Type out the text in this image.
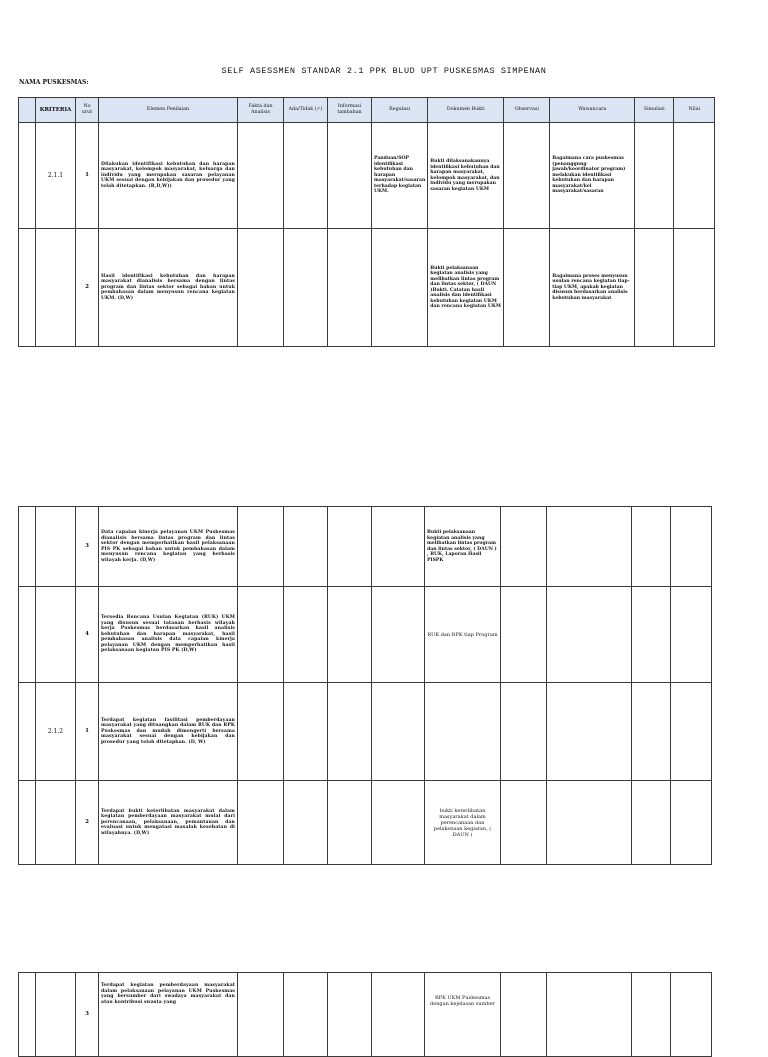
SELF ASESSMEN STANDAR 2.1 PPK BLUD UPT PUSKESMAS SIMPENAN
NAMA PUSKESMAS:
	KRITERIA	No urut	Elemen Penilaian	Fakta dan Analisis	Ada/Tidak (✓)	Informasi tambahan	Regulasi	Dokumen Bukti	Observasi	Wawancara	Simulasi	Nilai
	2.1.1	1	Dilakukan identifikasi kebutuhan dan harapan masyarakat, kelompok masyarakat, keluarga dan individu yang merupakan sasaran pelayanan UKM sesuai dengan kebijakan dan prosedur yang telah ditetapkan. (R,D,W))				Panduan/SOP identifikasi kebutuhan dan harapan masyarakat/sasaran terhadap kegiatan UKM.	Bukti dilaksanakannya identifikasi kebutuhan dan harapan masyarakat, kelompok masyarakat, dan individu yang merupakan sasaran kegiatan UKM		Bagaimana cara puskesmas (penanggung jawab/koordinator program) melakukan identifikasi kebutuhan dan harapan masyarakat/kel masyarakat/sasaran		
		2	Hasil identifikasi kebutuhan dan harapan masyarakat dianalisis bersama dengan lintas program dan lintas sektor sebagai bahan untuk pembahasan dalam menyusun rencana kegiatan UKM. (D,W)					Bukti pelaksanaan kegiatan analisis yang melibatkan lintas program dan lintas sektor, ( DAUN )Bukti. Catatan hasil analisis dan identifikasi kebutuhan kegiatan UKM dan rencana kegiatan UKM		Bagaimana proses menyusun usulan rencana kegiatan tiap-tiap UKM, apakah kegiatan disusun berdasarkan analisis kebutuhan masyarakat		
		3	Data capaian kinerja pelayanan UKM Puskesmas dianalisis bersama lintas program dan lintas sektor dengan memperhatikan hasil pelaksanaan PIS PK sebagai bahan untuk pembahasan dalam menyusun rencana kegiatan yang berbasis wilayah kerja. (D,W)					Bukti pelaksanaan kegiatan analisis yang melibatkan lintas program dan lintas sektor, ( DAUN ) , RUK, Laporan Hasil PISPK				
		4	Tersedia Rencana Usulan Kegiatan (RUK) UKM yang disusun sesuai tatanan berbasis wilayah kerja Puskesmas berdasarkan hasil analisis kebutuhan dan harapan masyarakat, hasil pembahasan analisis data capaian kinerja pelayanan UKM dengan memperhatikan hasil pelaksanaan kegiatan PIS PK (D,W)					RUK dan RPK tiap Program				
	2.1.2	1	Terdapat kegiatan fasilitasi pemberdayaan masyarakat yang dituangkan dalam RUK dan RPK Puskesmas dan mudah dimengerti bersama masyarakat sesuai dengan kebijakan dan prosedur yang telah ditetapkan. (D, W)									
		2	Terdapat bukti keterlibatan masyarakat dalam kegiatan pemberdayaan masyarakat mulai dari perencanaan, pelaksanaan, pemantauan dan evaluasi untuk mengatasi masalah kesehatan di wilayahnya. (D,W)					bukti keterlibatan masyarakat dalam perencanaan dan pelaksnaan kegiatan, ( DAUN )				
		3	Terdapat kegiatan pemberdayaan masyarakat dalam pelaksanaan pelayanan UKM Puskesmas yang bersumber dari swadaya masyarakat dan atau kontribusi swasta yang					RPK UKM Puskesmas dengan kejelasan sumber				
